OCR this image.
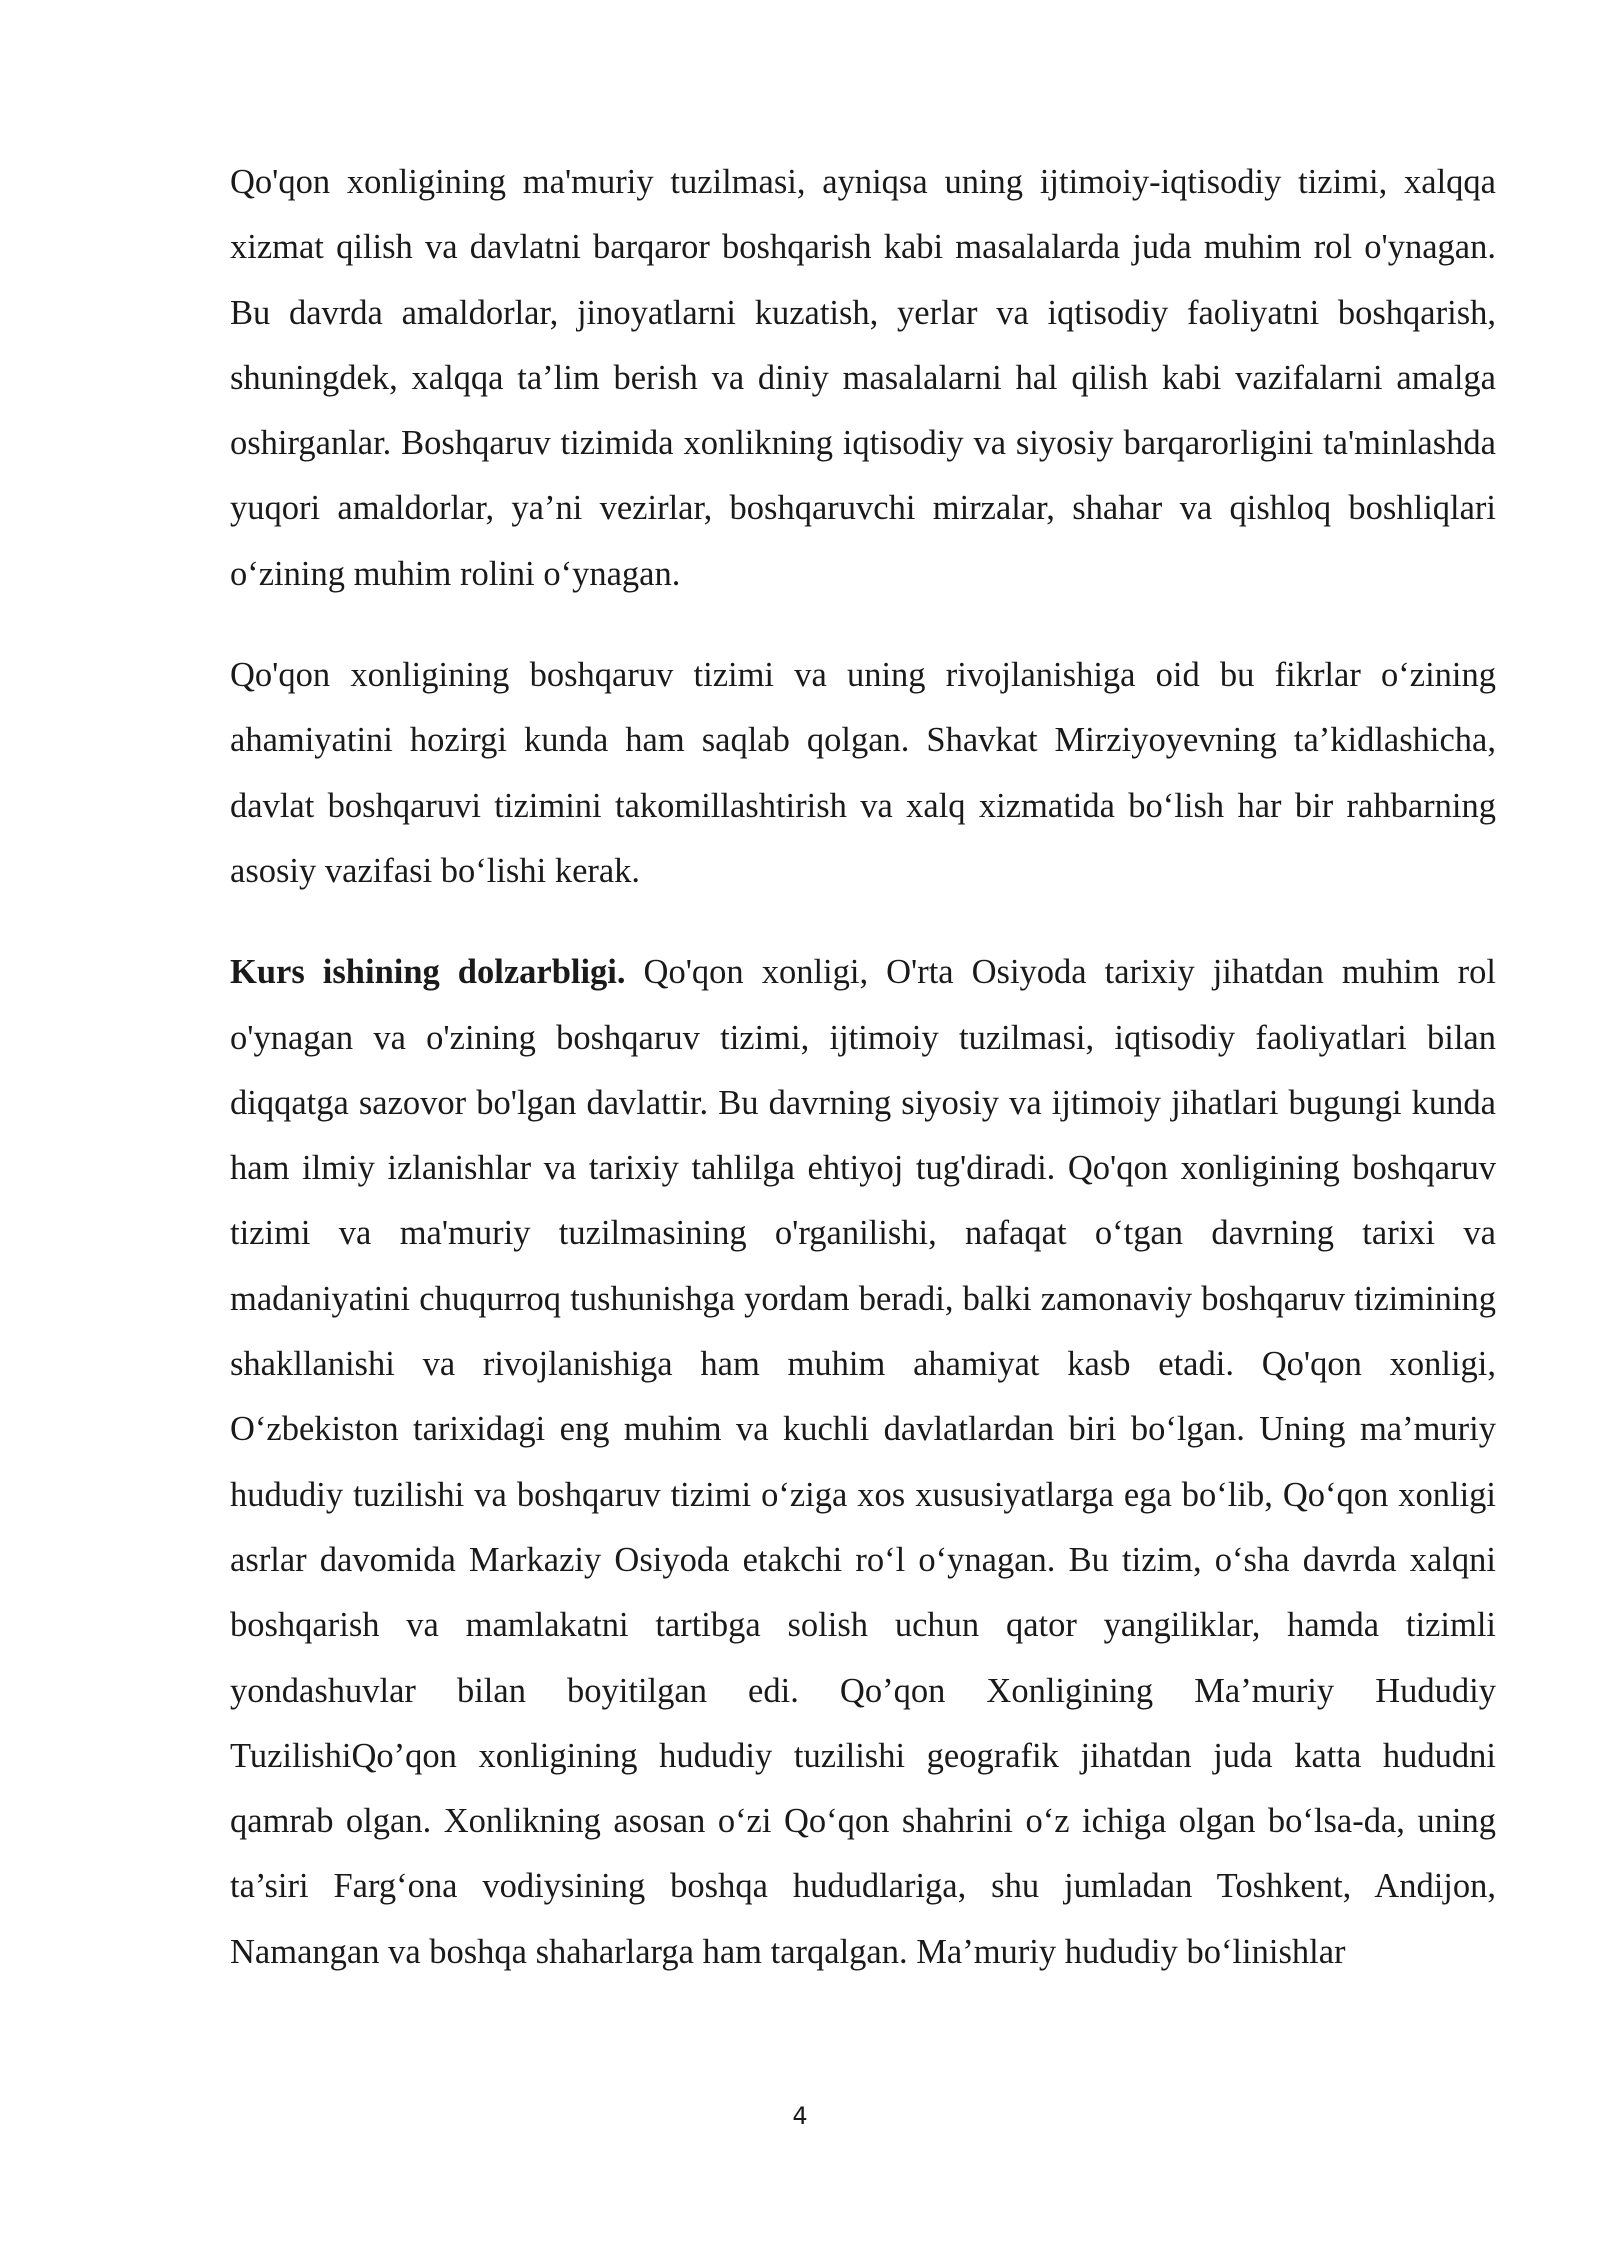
Qo'qon xonligining ma'muriy tuzilmasi, ayniqsa uning ijtimoiy-iqtisodiy tizimi, xalqqa xizmat qilish va davlatni barqaror boshqarish kabi masalalarda juda muhim rol o'ynagan. Bu davrda amaldorlar, jinoyatlarni kuzatish, yerlar va iqtisodiy faoliyatni boshqarish, shuningdek, xalqqa ta’lim berish va diniy masalalarni hal qilish kabi vazifalarni amalga oshirganlar. Boshqaruv tizimida xonlikning iqtisodiy va siyosiy barqarorligini ta'minlashda yuqori amaldorlar, ya’ni vezirlar, boshqaruvchi mirzalar, shahar va qishloq boshliqlari o‘zining muhim rolini o‘ynagan.

Qo'qon xonligining boshqaruv tizimi va uning rivojlanishiga oid bu fikrlar o‘zining ahamiyatini hozirgi kunda ham saqlab qolgan. Shavkat Mirziyoyevning ta’kidlashicha, davlat boshqaruvi tizimini takomillashtirish va xalq xizmatida bo‘lish har bir rahbarning asosiy vazifasi bo‘lishi kerak.

Kurs ishining dolzarbligi. Qo'qon xonligi, O'rta Osiyoda tarixiy jihatdan muhim rol o'ynagan va o'zining boshqaruv tizimi, ijtimoiy tuzilmasi, iqtisodiy faoliyatlari bilan diqqatga sazovor bo'lgan davlattir. Bu davrning siyosiy va ijtimoiy jihatlari bugungi kunda ham ilmiy izlanishlar va tarixiy tahlilga ehtiyoj tug'diradi. Qo'qon xonligining boshqaruv tizimi va ma'muriy tuzilmasining o'rganilishi, nafaqat o‘tgan davrning tarixi va madaniyatini chuqurroq tushunishga yordam beradi, balki zamonaviy boshqaruv tizimining shakllanishi va rivojlanishiga ham muhim ahamiyat kasb etadi. Qo'qon xonligi, O‘zbekiston tarixidagi eng muhim va kuchli davlatlardan biri bo‘lgan. Uning ma’muriy hududiy tuzilishi va boshqaruv tizimi o‘ziga xos xususiyatlarga ega bo‘lib, Qo‘qon xonligi asrlar davomida Markaziy Osiyoda etakchi ro‘l o‘ynagan. Bu tizim, o‘sha davrda xalqni boshqarish va mamlakatni tartibga solish uchun qator yangiliklar, hamda tizimli yondashuvlar bilan boyitilgan edi. Qo’qon Xonligining Ma’muriy Hududiy TuzilishiQo’qon xonligining hududiy tuzilishi geografik jihatdan juda katta hududni qamrab olgan. Xonlikning asosan o‘zi Qo‘qon shahrini o‘z ichiga olgan bo‘lsa-da, uning ta’siri Farg‘ona vodiysining boshqa hududlariga, shu jumladan Toshkent, Andijon, Namangan va boshqa shaharlarga ham tarqalgan. Ma’muriy hududiy bo‘linishlar

4
